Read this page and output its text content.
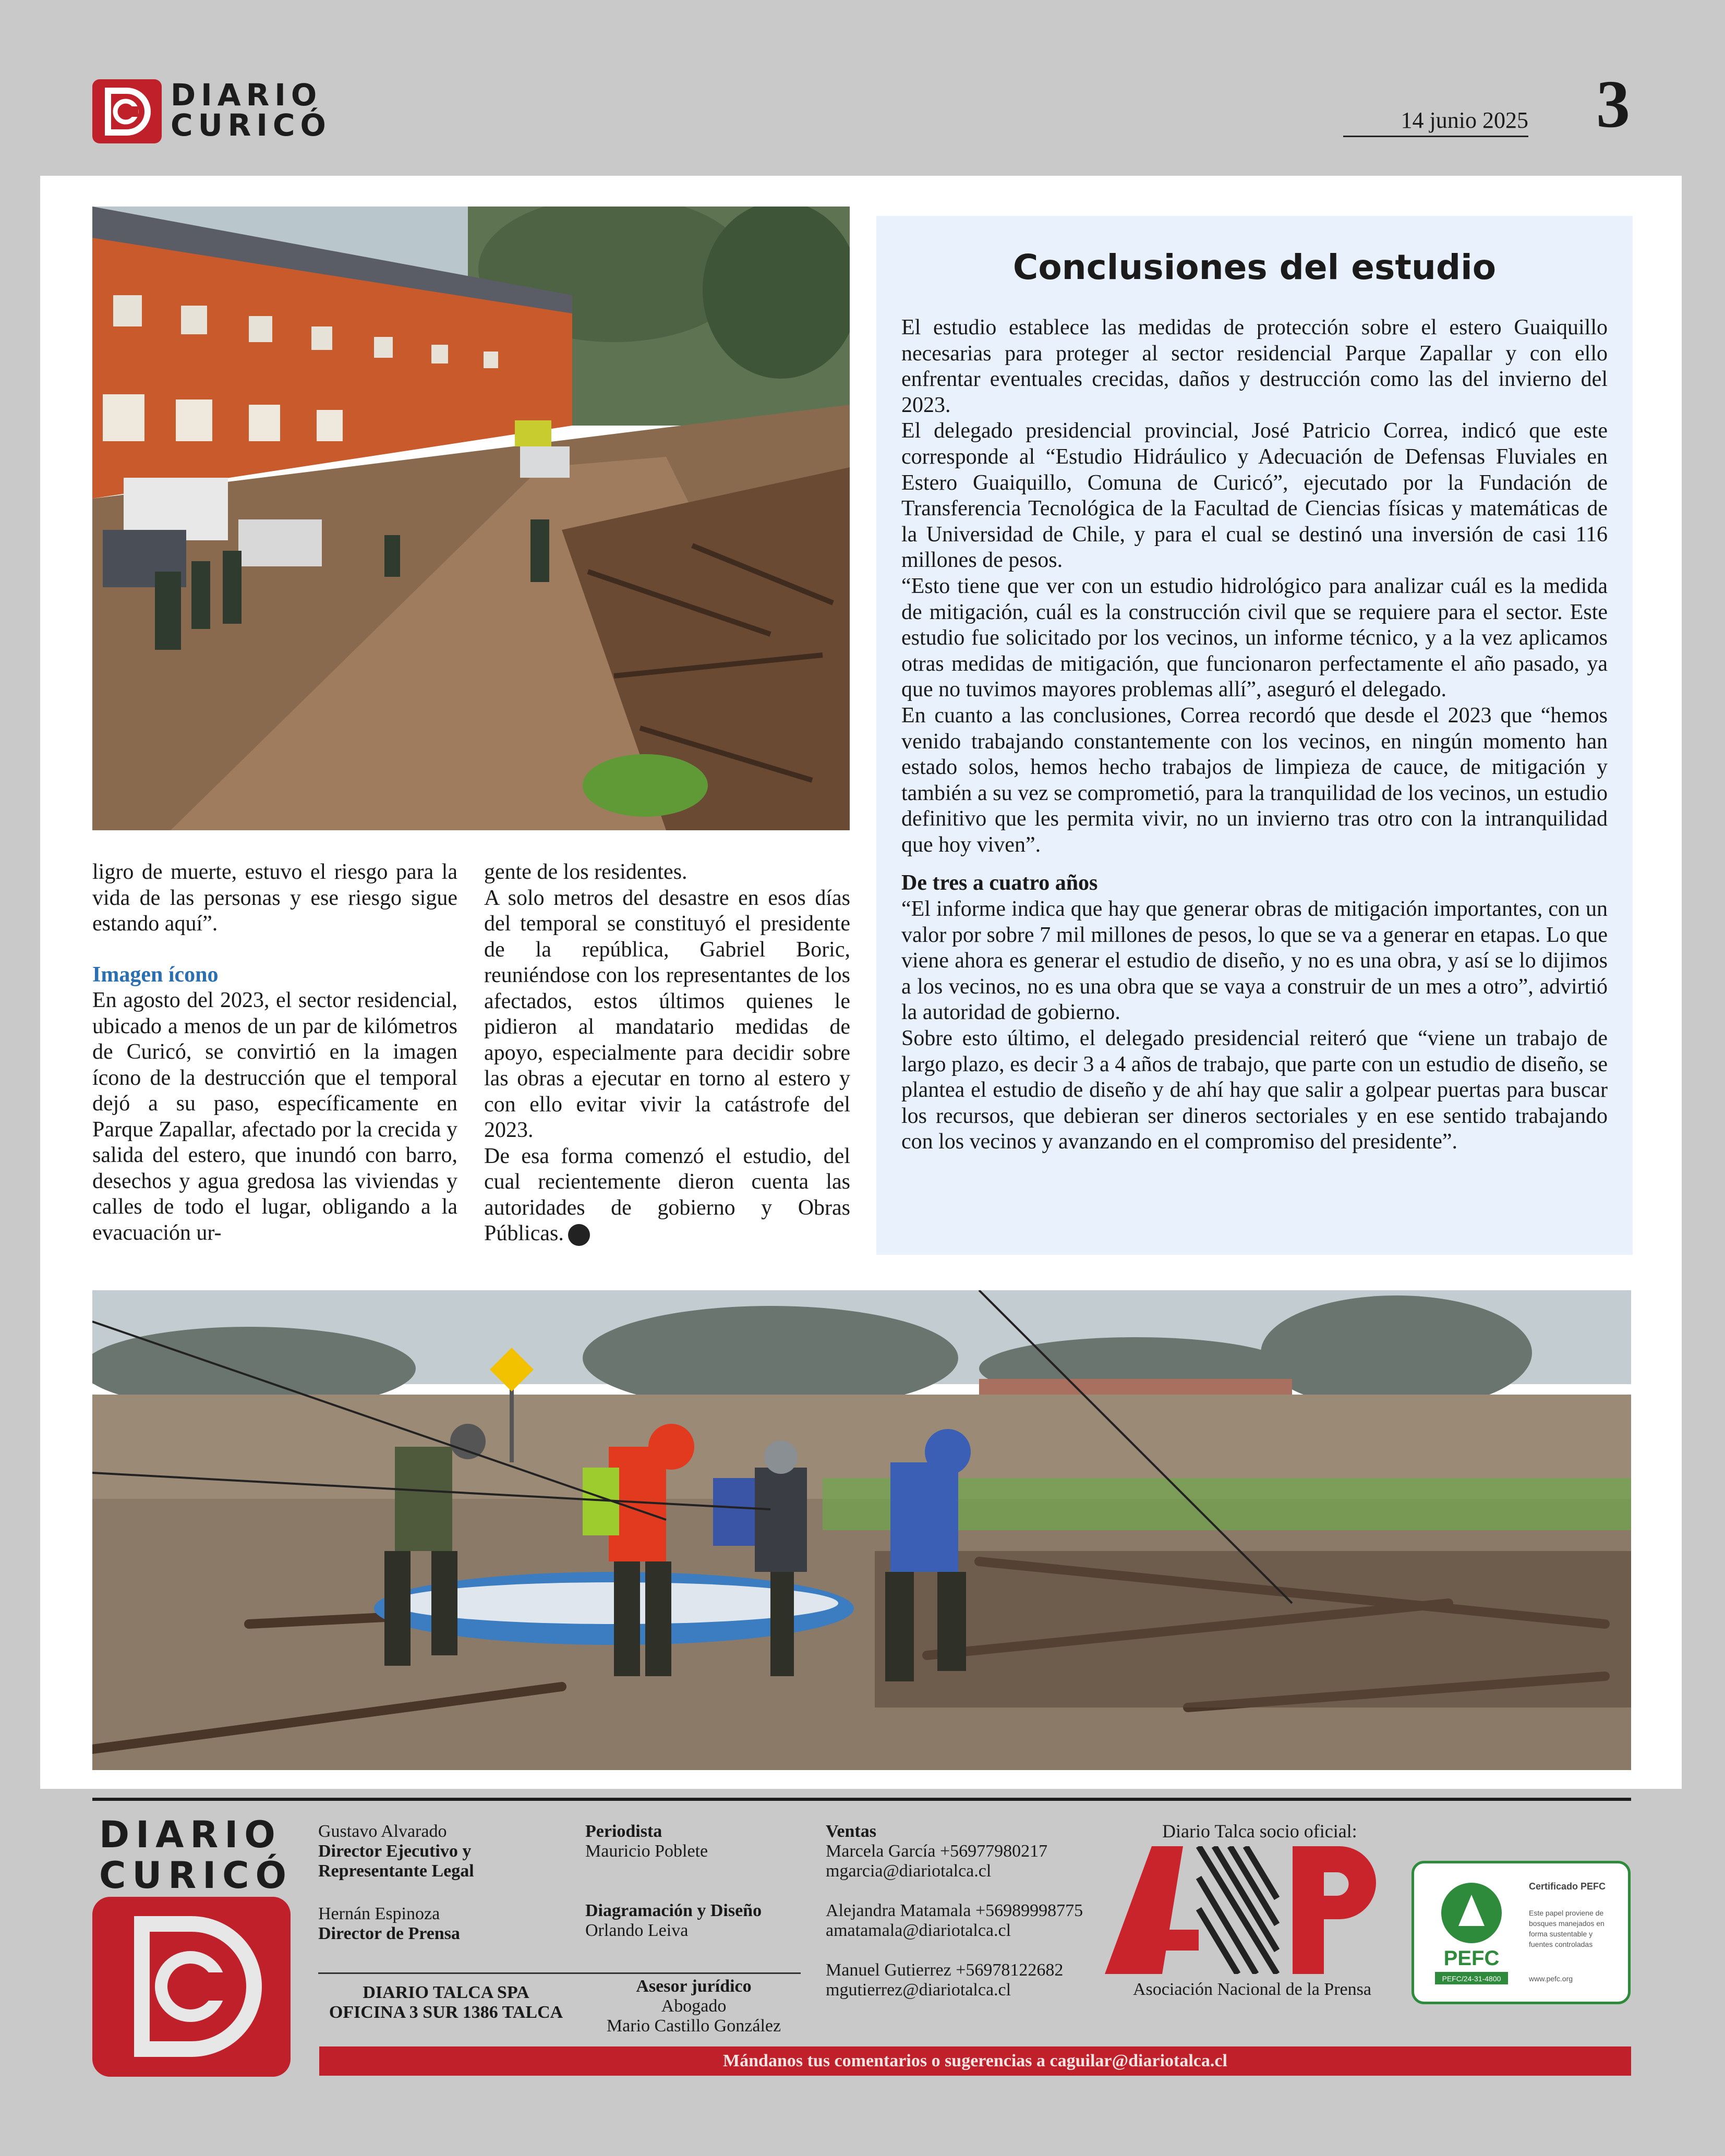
DIARIO
CURICÓ	14 junio 2025 3
ligro de muerte, estuvo el riesgo para la vida de las personas y ese riesgo sigue estando aquí”.
Imagen ícono
En agosto del 2023, el sector residencial, ubicado a menos de un par de kilómetros de Curicó, se convirtió en la imagen ícono de la destrucción que el temporal dejó a su paso, específicamente en Parque Zapallar, afectado por la crecida y salida del estero, que inundó con barro, desechos y agua gredosa las viviendas y calles de todo el lugar, obligando a la evacuación ur-
gente de los residentes.
A solo metros del desastre en esos días del temporal se constituyó el presidente de la república, Gabriel Boric, reuniéndose con los representantes de los afectados, estos últimos quienes le pidieron al mandatario medidas de apoyo, especialmente para decidir sobre las obras a ejecutar en torno al estero y con ello evitar vivir la catástrofe del 2023.
De esa forma comenzó el estudio, del cual recientemente dieron cuenta las autoridades de gobierno y Obras Públicas.
Conclusiones del estudio

El estudio establece las medidas de protección sobre el estero Guaiquillo necesarias para proteger al sector residencial Parque Zapallar y con ello enfrentar eventuales crecidas, daños y destrucción como las del invierno del 2023.

El delegado presidencial provincial, José Patricio Correa, indicó que este corresponde al “Estudio Hidráulico y Adecuación de Defensas Fluviales en Estero Guaiquillo, Comuna de Curicó”, ejecutado por la Fundación de Transferencia Tecnológica de la Facultad de Ciencias físicas y matemáticas de la Universidad de Chile, y para el cual se destinó una inversión de casi 116 millones de pesos.

“Esto tiene que ver con un estudio hidrológico para analizar cuál es la medida de mitigación, cuál es la construcción civil que se requiere para el sector. Este estudio fue solicitado por los vecinos, un informe técnico, y a la vez aplicamos otras medidas de mitigación, que funcionaron perfectamente el año pasado, ya que no tuvimos mayores problemas allí”, aseguró el delegado.

En cuanto a las conclusiones, Correa recordó que desde el 2023 que “hemos venido trabajando constantemente con los vecinos, en ningún momento han estado solos, hemos hecho trabajos de limpieza de cauce, de mitigación y también a su vez se comprometió, para la tranquilidad de los vecinos, un estudio definitivo que les permita vivir, no un invierno tras otro con la intranquilidad que hoy viven”.

De tres a cuatro años

“El informe indica que hay que generar obras de mitigación importantes, con un valor por sobre 7 mil millones de pesos, lo que se va a generar en etapas. Lo que viene ahora es generar el estudio de diseño, y no es una obra, y así se lo dijimos a los vecinos, no es una obra que se vaya a construir de un mes a otro”, advirtió la autoridad de gobierno.

Sobre esto último, el delegado presidencial reiteró que “viene un trabajo de largo plazo, es decir 3 a 4 años de trabajo, que parte con un estudio de diseño, se plantea el estudio de diseño y de ahí hay que salir a golpear puertas para buscar los recursos, que debieran ser dineros sectoriales y en ese sentido trabajando con los vecinos y avanzando en el compromiso del presidente”.

DIARIO
CURICÓ
Gustavo Alvarado
Director Ejecutivo y
Representante Legal
Hernán Espinoza
Director de Prensa
DIARIO TALCA SPA
OFICINA 3 SUR 1386 TALCA
Periodista
Mauricio Poblete
Diagramación y Diseño
Orlando Leiva
Asesor jurídico
Abogado
Mario Castillo González
Ventas
Marcela García +56977980217
mgarcia@diariotalca.cl
Alejandra Matamala +56989998775
amatamala@diariotalca.cl
Manuel Gutierrez +56978122682
mgutierrez@diariotalca.cl
Diario Talca socio oficial:
Asociación Nacional de la Prensa
PEFC
PEFC/24-31-4800
Certificado PEFC
Este papel proviene de
bosques manejados en
forma sustentable y
fuentes controladas
www.pefc.org
Mándanos tus comentarios o sugerencias a caguilar@diariotalca.cl
